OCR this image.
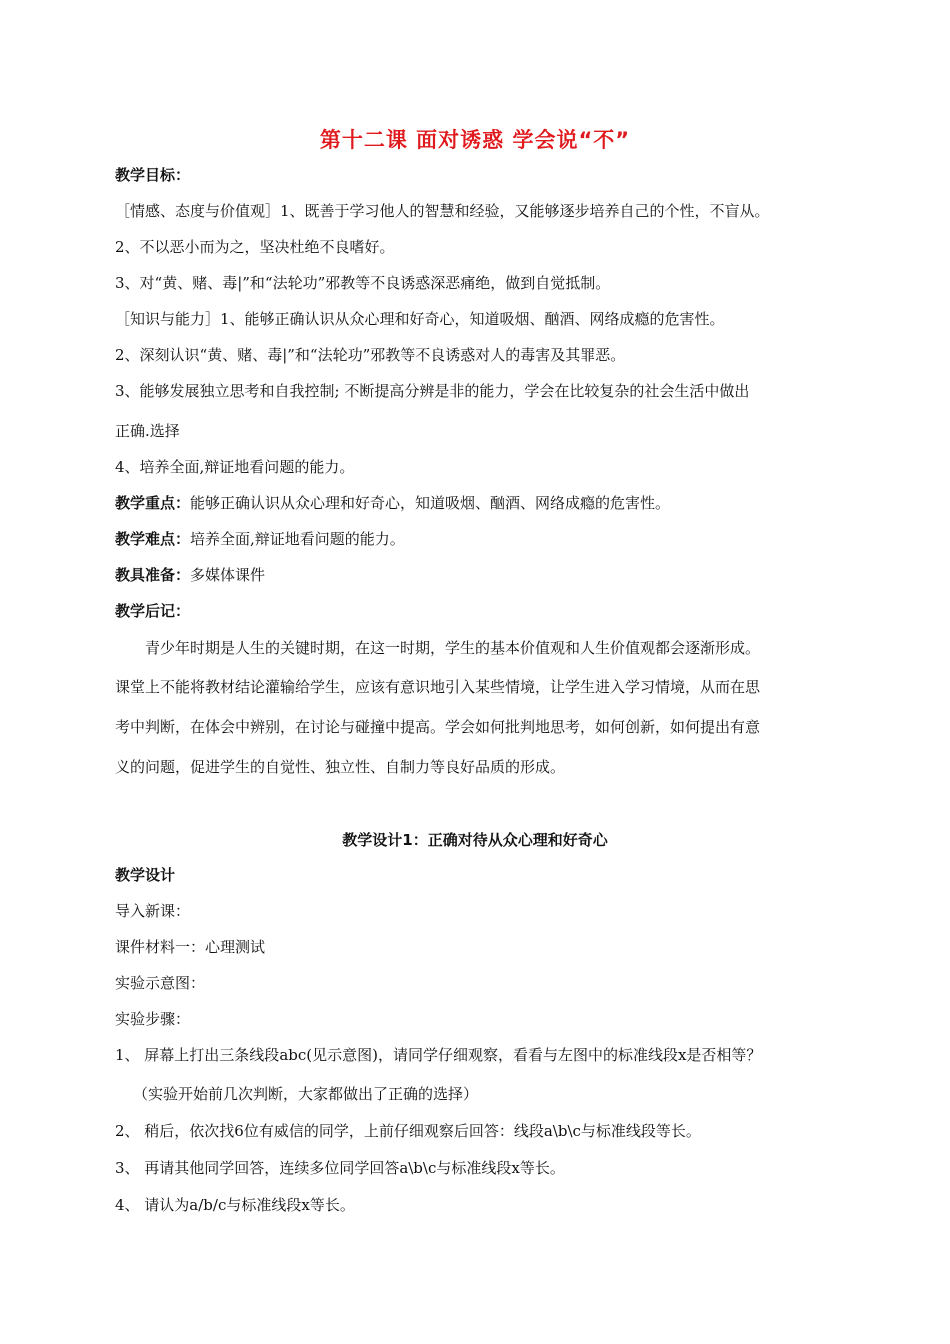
第十二课 面对诱惑 学会说“不”
教学目标：
［情感、态度与价值观］1、既善于学习他人的智慧和经验，又能够逐步培养自己的个性，不盲从。
2、不以恶小而为之，坚决杜绝不良嗜好。
3、对“黄、赌、毒|”和“法轮功”邪教等不良诱惑深恶痛绝，做到自觉抵制。
［知识与能力］1、能够正确认识从众心理和好奇心，知道吸烟、酗酒、网络成瘾的危害性。
2、深刻认识“黄、赌、毒|”和“法轮功”邪教等不良诱惑对人的毒害及其罪恶。
3、能够发展独立思考和自我控制; 不断提高分辨是非的能力，学会在比较复杂的社会生活中做出
正确.选择
4、培养全面,辩证地看问题的能力。
教学重点：能够正确认识从众心理和好奇心，知道吸烟、酗酒、网络成瘾的危害性。
教学难点：培养全面,辩证地看问题的能力。
教具准备：多媒体课件
教学后记：
青少年时期是人生的关键时期，在这一时期，学生的基本价值观和人生价值观都会逐渐形成。
课堂上不能将教材结论灌输给学生，应该有意识地引入某些情境，让学生进入学习情境，从而在思
考中判断，在体会中辨别，在讨论与碰撞中提高。学会如何批判地思考，如何创新，如何提出有意
义的问题，促进学生的自觉性、独立性、自制力等良好品质的形成。
教学设计1：正确对待从众心理和好奇心
教学设计
导入新课：
课件材料一：心理测试
实验示意图：
实验步骤：
1、 屏幕上打出三条线段abc(见示意图)，请同学仔细观察，看看与左图中的标准线段x是否相等？
（实验开始前几次判断，大家都做出了正确的选择）
2、 稍后，依次找6位有威信的同学，上前仔细观察后回答：线段a\b\c与标准线段等长。
3、 再请其他同学回答，连续多位同学回答a\b\c与标准线段x等长。
4、 请认为a/b/c与标准线段x等长。
